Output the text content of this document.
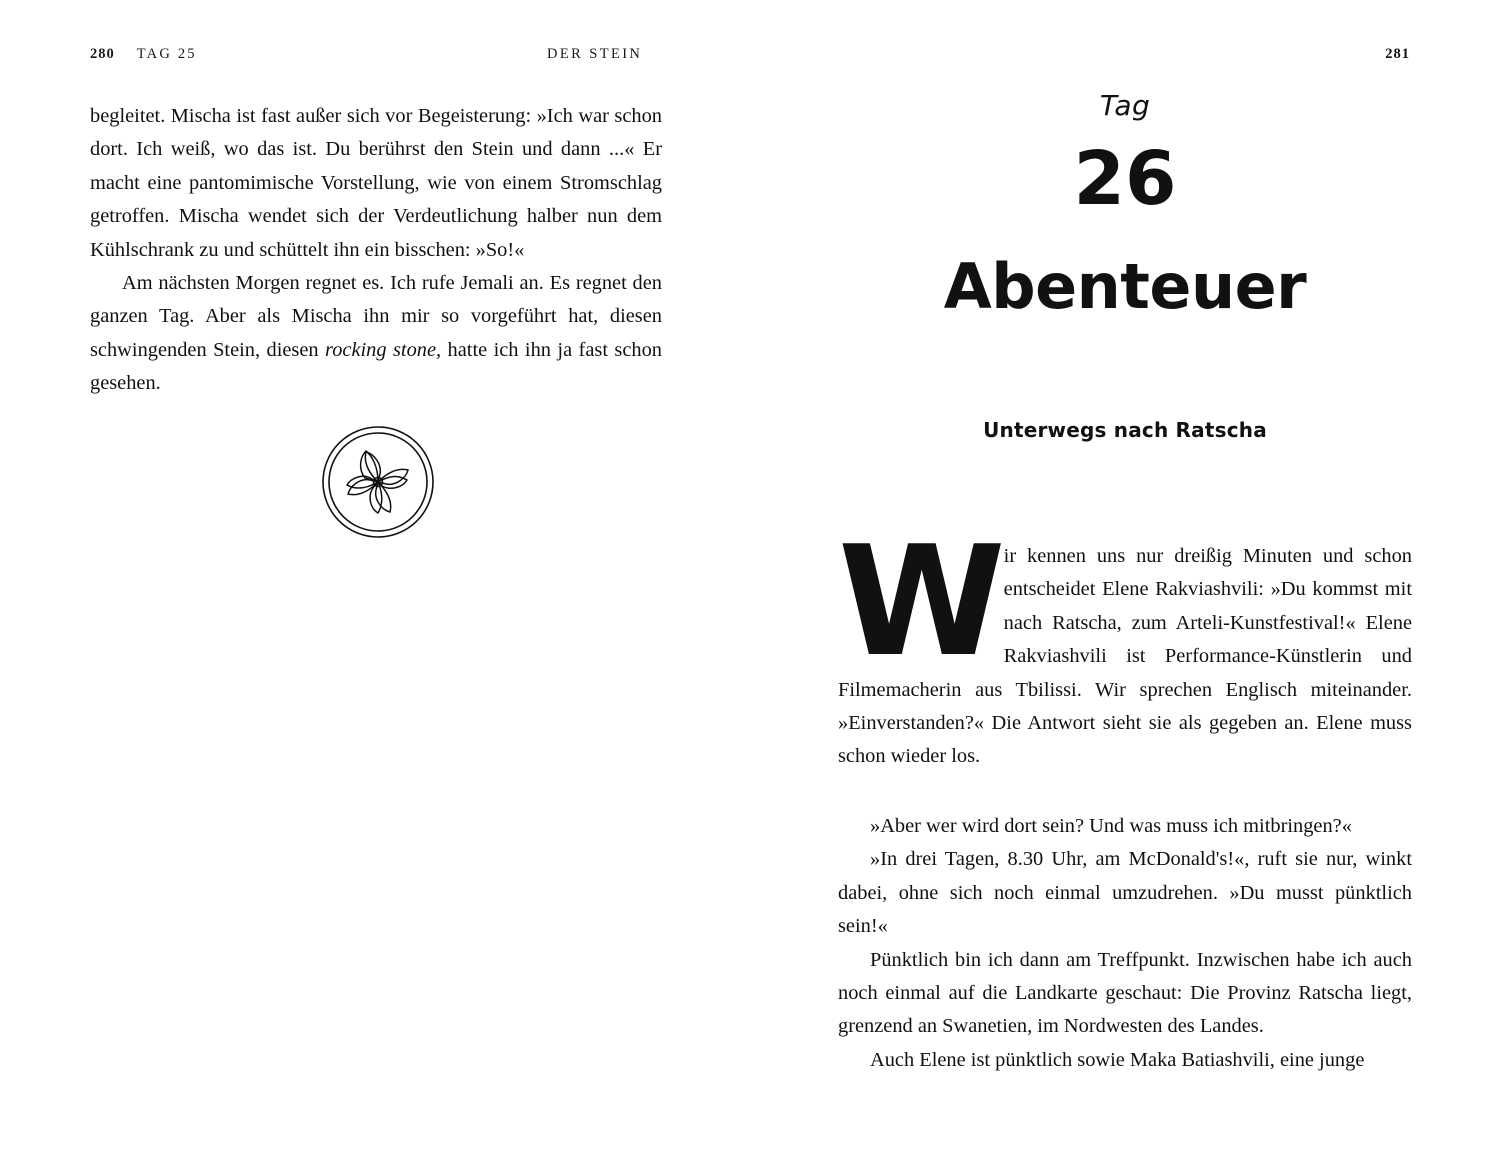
280 TAG 25	DER STEIN

begleitet. Mischa ist fast außer sich vor Begeisterung: »Ich war schon dort. Ich weiß, wo das ist. Du berührst den Stein und dann ...« Er macht eine pantomimische Vorstellung, wie von einem Stromschlag getroffen. Mischa wendet sich der Verdeutlichung halber nun dem Kühlschrank zu und schüttelt ihn ein bisschen: »So!«

Am nächsten Morgen regnet es. Ich rufe Jemali an. Es regnet den ganzen Tag. Aber als Mischa ihn mir so vorgeführt hat, diesen schwingenden Stein, diesen rocking stone, hatte ich ihn ja fast schon gesehen.

281
Tag
26
Abenteuer
Unterwegs nach Ratscha
W ir kennen uns nur dreißig Minuten und schon entscheidet Elene Rakviashvili: »Du kommst mit nach Ratscha, zum Arteli-Kunstfestival!« Elene Rakviashvili ist Performance-Künstlerin und Filmemacherin aus Tbilissi. Wir sprechen Englisch miteinander. »Einverstanden?« Die Antwort sieht sie als gegeben an. Elene muss schon wieder los.

»Aber wer wird dort sein? Und was muss ich mitbringen?«

»In drei Tagen, 8.30 Uhr, am McDonald's!«, ruft sie nur, winkt dabei, ohne sich noch einmal umzudrehen. »Du musst pünktlich sein!«

Pünktlich bin ich dann am Treffpunkt. Inzwischen habe ich auch noch einmal auf die Landkarte geschaut: Die Provinz Ratscha liegt, grenzend an Swanetien, im Nordwesten des Landes.

Auch Elene ist pünktlich sowie Maka Batiashvili, eine junge
